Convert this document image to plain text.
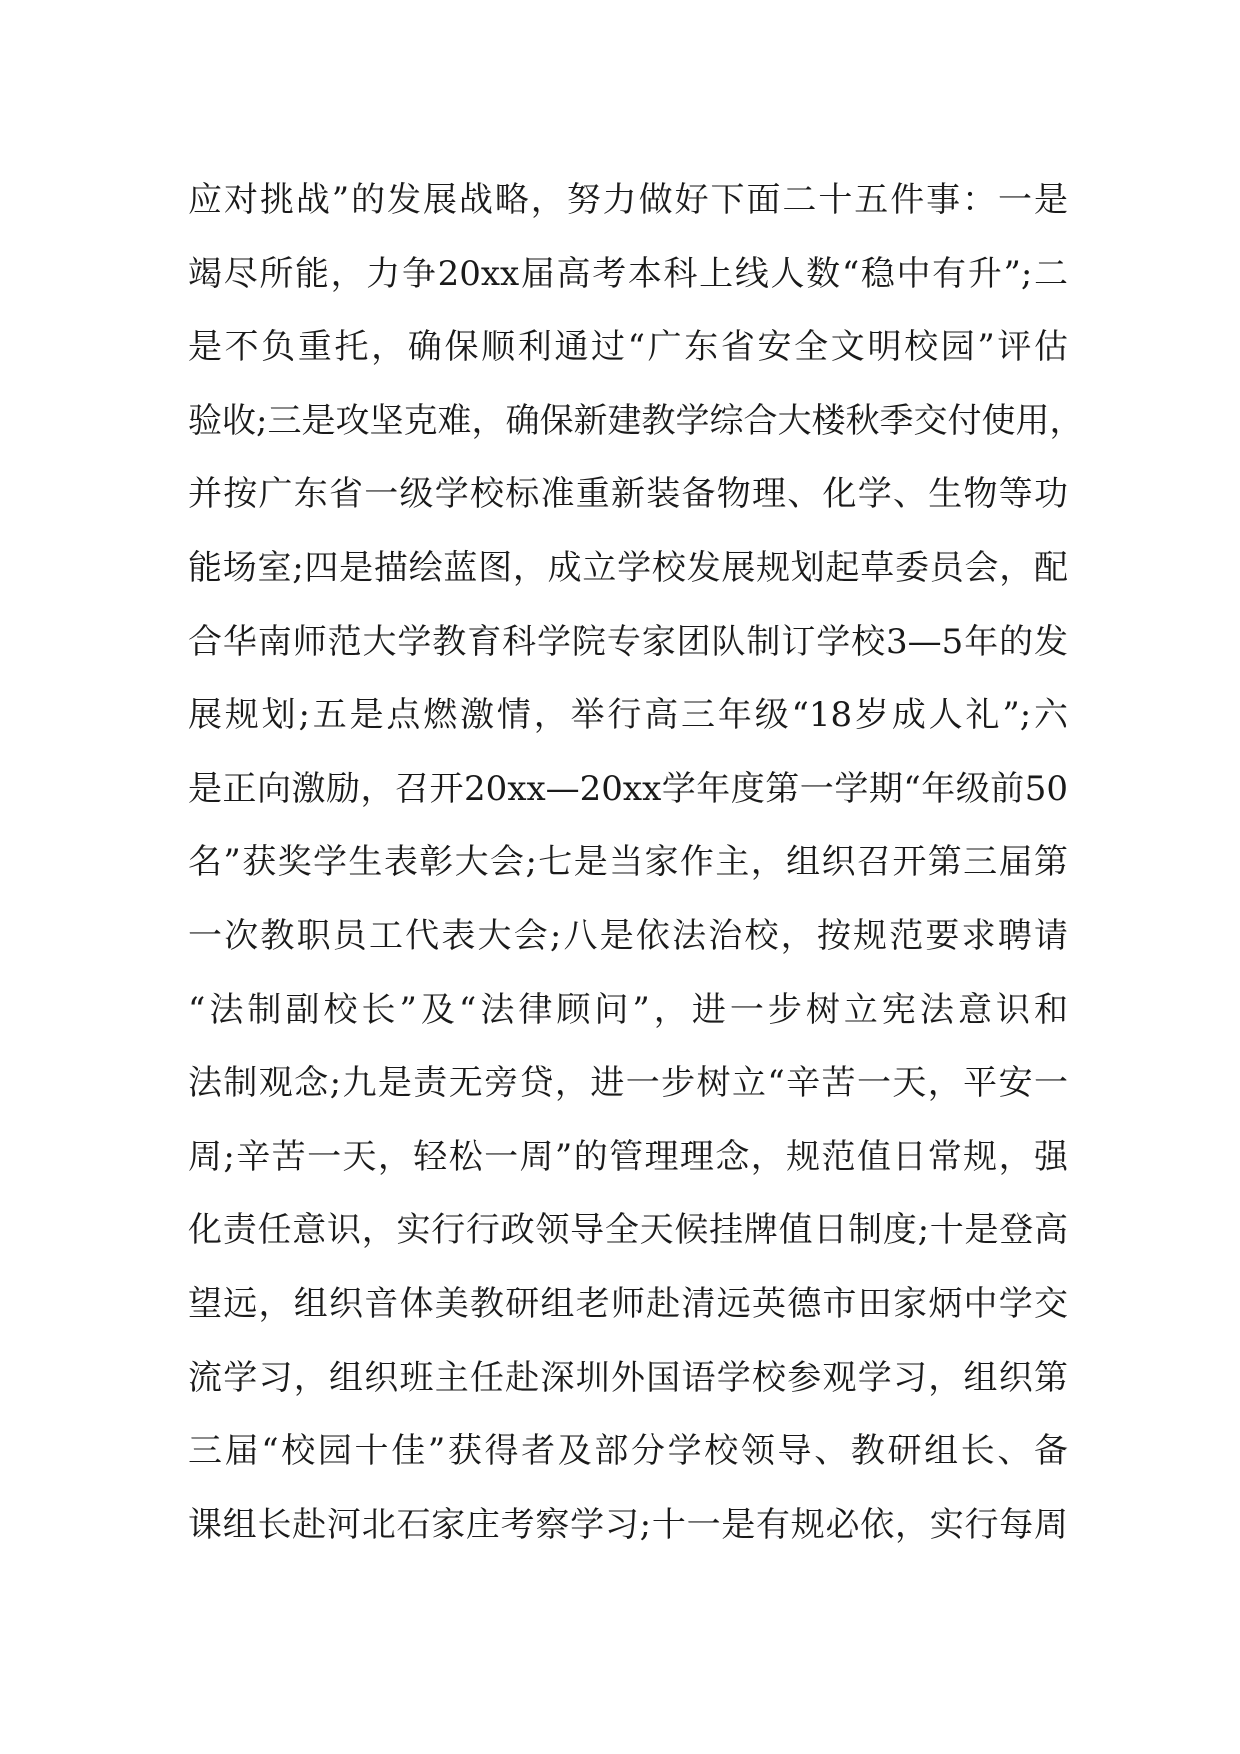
应对挑战”的发展战略，努力做好下面二十五件事：一是
竭尽所能，力争20xx届高考本科上线人数“稳中有升”;二
是不负重托，确保顺利通过“广东省安全文明校园”评估
验收;三是攻坚克难，确保新建教学综合大楼秋季交付使用，
并按广东省一级学校标准重新装备物理、化学、生物等功
能场室;四是描绘蓝图，成立学校发展规划起草委员会，配
合华南师范大学教育科学院专家团队制订学校3—5年的发
展规划;五是点燃激情，举行高三年级“18岁成人礼”;六
是正向激励，召开20xx—20xx学年度第一学期“年级前50
名”获奖学生表彰大会;七是当家作主，组织召开第三届第
一次教职员工代表大会;八是依法治校，按规范要求聘请
“法制副校长”及“法律顾问”，进一步树立宪法意识和
法制观念;九是责无旁贷，进一步树立“辛苦一天，平安一
周;辛苦一天，轻松一周”的管理理念，规范值日常规，强
化责任意识，实行行政领导全天候挂牌值日制度;十是登高
望远，组织音体美教研组老师赴清远英德市田家炳中学交
流学习，组织班主任赴深圳外国语学校参观学习，组织第
三届“校园十佳”获得者及部分学校领导、教研组长、备
课组长赴河北石家庄考察学习;十一是有规必依，实行每周
